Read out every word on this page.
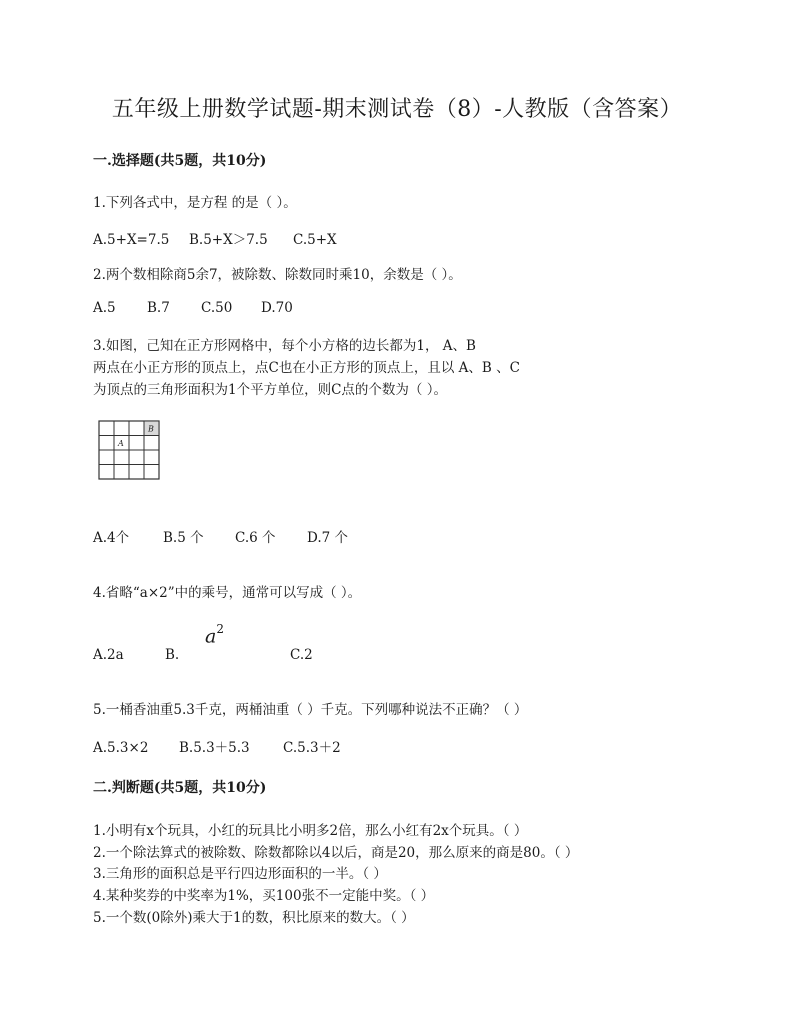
五年级上册数学试题-期末测试卷（8）-人教版（含答案）
一.选择题(共5题，共10分)
1.下列各式中，是方程 的是（ ）。
A.5+X=7.5 B.5+X＞7.5 C.5+X
2.两个数相除商5余7，被除数、除数同时乘10，余数是（ ）。
A.5 B.7 C.50 D.70
3.如图，己知在正方形网格中，每个小方格的边长都为1， A、B
两点在小正方形的顶点上，点C也在小正方形的顶点上，且以 A、B 、C
为顶点的三角形面积为1个平方单位，则C点的个数为（ ）。
A
B
A.4个	B.5 个 C.6 个 D.7 个
4.省略“a×2”中的乘号，通常可以写成（ ）。
$a^2$
A.2a	B.	C.2
5.一桶香油重5.3千克，两桶油重（ ）千克。下列哪种说法不正确？（ ）
A.5.3×2 B.5.3＋5.3 C.5.3＋2
二.判断题(共5题，共10分)
1.小明有x个玩具，小红的玩具比小明多2倍，那么小红有2x个玩具。（ ）
2.一个除法算式的被除数、除数都除以4以后，商是20，那么原来的商是80。（ ）
3.三角形的面积总是平行四边形面积的一半。（ ）
4.某种奖券的中奖率为1%，买100张不一定能中奖。（ ）
5.一个数(0除外)乘大于1的数，积比原来的数大。（ ）
